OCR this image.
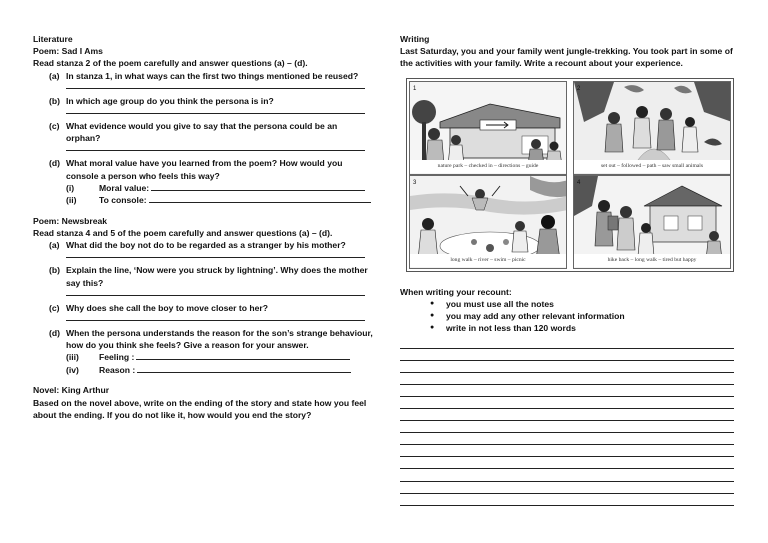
Literature

Poem: Sad I Ams

Read stanza 2 of the poem carefully and answer questions (a) – (d).

(a) In stanza 1, in what ways can the first two things mentioned be reused?
(b) In which age group do you think the persona is in?
(c) What evidence would you give to say that the persona could be an orphan?
(d) What moral value have you learned from the poem? How would you console a person who feels this way?
(i)	Moral value:
(ii)	To console:

Poem: Newsbreak

Read stanza 4 and 5 of the poem carefully and answer questions (a) – (d).

(a) What did the boy not do to be regarded as a stranger by his mother?
(b) Explain the line, ‘Now were you struck by lightning’. Why does the mother say this?
(c) Why does she call the boy to move closer to her?
(d) When the persona understands the reason for the son’s strange behaviour, how do you think she feels? Give a reason for your answer.
(iii) Feeling :
(iv) Reason :

Novel: King Arthur

Based on the novel above, write on the ending of the story and state how you feel about the ending. If you do not like it, how would you end the story?

Writing

Last Saturday, you and your family went jungle-trekking. You took part in some of the activities with your family. Write a recount about your experience.

1
nature park – checked in – directions – guide
2
set out – followed – path – saw small animals
3
long walk – river – swim – picnic
4
hike back – long walk – tired but happy

When writing your recount:

● you must use all the notes
● you may add any other relevant information
● write in not less than 120 words
